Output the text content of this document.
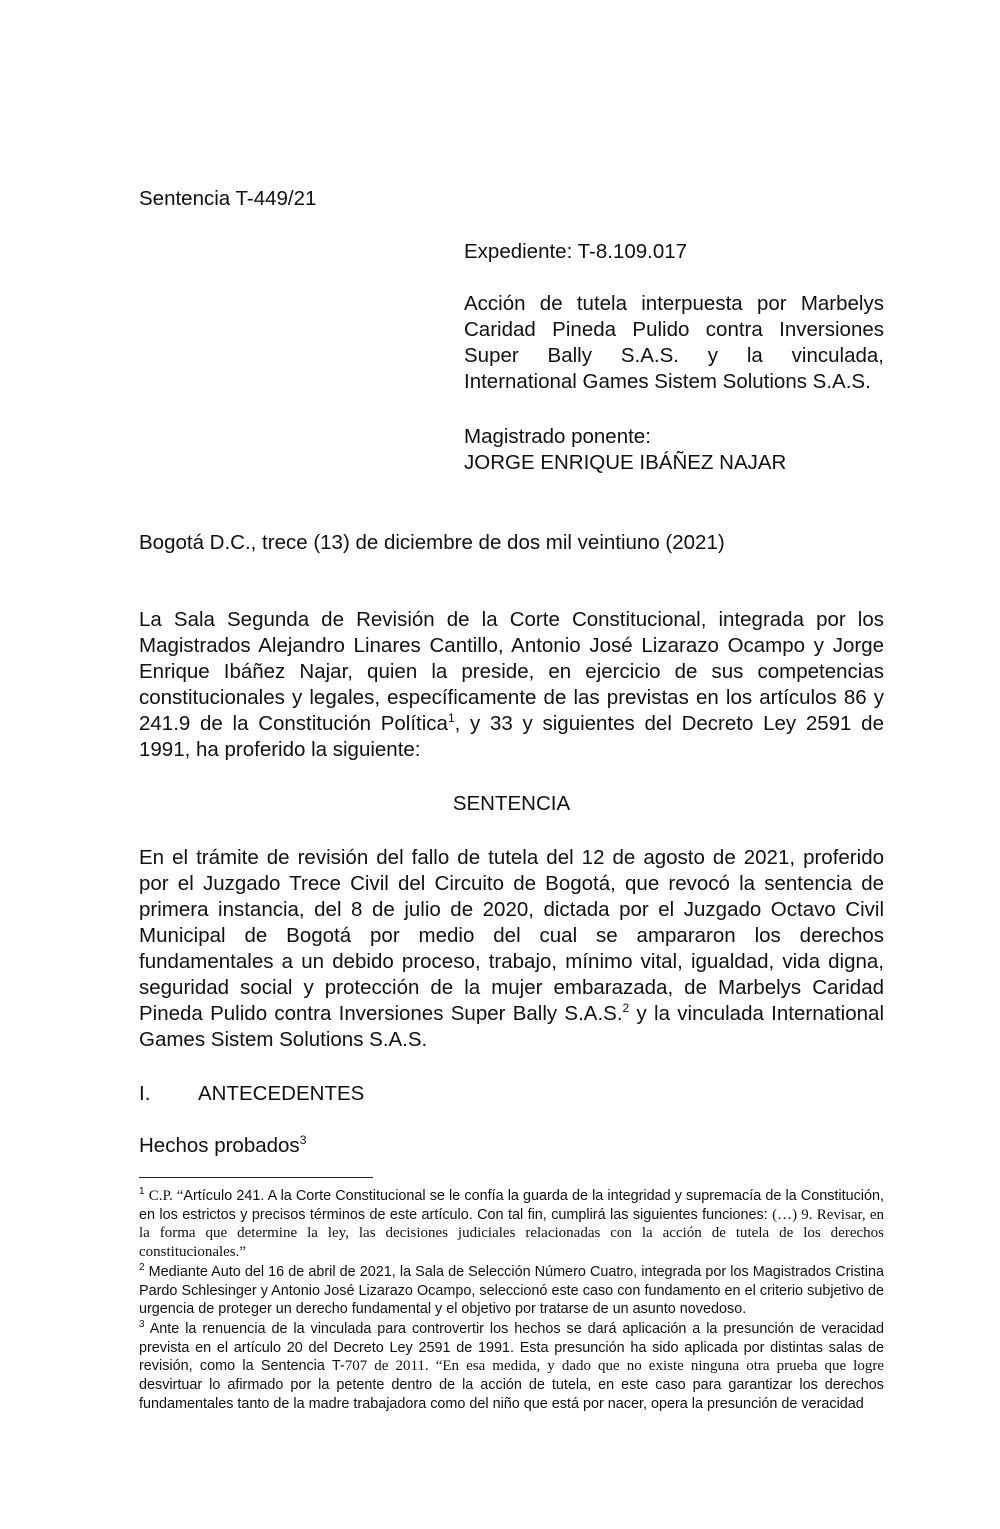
Sentencia T-449/21
Expediente: T-8.109.017
Acción de tutela interpuesta por Marbelys Caridad Pineda Pulido contra Inversiones Super Bally S.A.S. y la vinculada, International Games Sistem Solutions S.A.S.
Magistrado ponente:
JORGE ENRIQUE IBÁÑEZ NAJAR
Bogotá D.C., trece (13) de diciembre de dos mil veintiuno (2021)
La Sala Segunda de Revisión de la Corte Constitucional, integrada por los Magistrados Alejandro Linares Cantillo, Antonio José Lizarazo Ocampo y Jorge Enrique Ibáñez Najar, quien la preside, en ejercicio de sus competencias constitucionales y legales, específicamente de las previstas en los artículos 86 y 241.9 de la Constitución Política$^1$, y 33 y siguientes del Decreto Ley 2591 de 1991, ha proferido la siguiente:
SENTENCIA
En el trámite de revisión del fallo de tutela del 12 de agosto de 2021, proferido por el Juzgado Trece Civil del Circuito de Bogotá, que revocó la sentencia de primera instancia, del 8 de julio de 2020, dictada por el Juzgado Octavo Civil Municipal de Bogotá por medio del cual se ampararon los derechos fundamentales a un debido proceso, trabajo, mínimo vital, igualdad, vida digna, seguridad social y protección de la mujer embarazada, de Marbelys Caridad Pineda Pulido contra Inversiones Super Bally S.A.S.$^2$ y la vinculada International Games Sistem Solutions S.A.S.
I. ANTECEDENTES
Hechos probados$^3$
$^1$ C.P. “Artículo 241. A la Corte Constitucional se le confía la guarda de la integridad y supremacía de la Constitución, en los estrictos y precisos términos de este artículo. Con tal fin, cumplirá las siguientes funciones: (…) 9. Revisar, en la forma que determine la ley, las decisiones judiciales relacionadas con la acción de tutela de los derechos constitucionales.”
$^2$ Mediante Auto del 16 de abril de 2021, la Sala de Selección Número Cuatro, integrada por los Magistrados Cristina Pardo Schlesinger y Antonio José Lizarazo Ocampo, seleccionó este caso con fundamento en el criterio subjetivo de urgencia de proteger un derecho fundamental y el objetivo por tratarse de un asunto novedoso.
$^3$ Ante la renuencia de la vinculada para controvertir los hechos se dará aplicación a la presunción de veracidad prevista en el artículo 20 del Decreto Ley 2591 de 1991. Esta presunción ha sido aplicada por distintas salas de revisión, como la Sentencia T-707 de 2011. “En esa medida, y dado que no existe ninguna otra prueba que logre desvirtuar lo afirmado por la petente dentro de la acción de tutela, en este caso para garantizar los derechos fundamentales tanto de la madre trabajadora como del niño que está por nacer, opera la presunción de veracidad
